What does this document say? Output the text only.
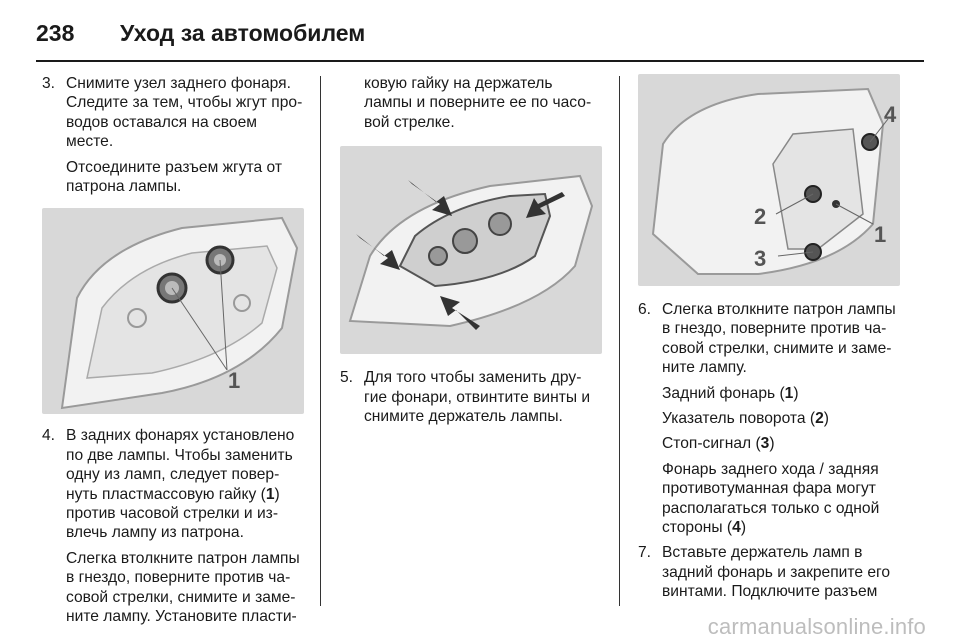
238 Уход за автомобилем
3. Снимите узел заднего фонаря. Следите за тем, чтобы жгут про-водов оставался на своем месте.

Отсоедините разъем жгута от патрона лампы.

1
4. В задних фонарях установлено по две лампы. Чтобы заменить одну из ламп, следует повер-нуть пластмассовую гайку (1) против часовой стрелки и из-влечь лампу из патрона.

Слегка втолкните патрон лампы в гнездо, поверните против ча-совой стрелки, снимите и заме-ните лампу. Установите пласти-

ковую гайку на держатель лампы и поверните ее по часо-вой стрелке.

5. Для того чтобы заменить дру-гие фонари, отвинтите винты и снимите держатель лампы.

4
2
1
3
6. Слегка втолкните патрон лампы в гнездо, поверните против ча-совой стрелки, снимите и заме-ните лампу.

Задний фонарь (1)

Указатель поворота (2)

Стоп-сигнал (3)

Фонарь заднего хода / задняя противотуманная фара могут располагаться только с одной стороны (4)

7. Вставьте держатель ламп в задний фонарь и закрепите его винтами. Подключите разъем

carmanualsonline.info
